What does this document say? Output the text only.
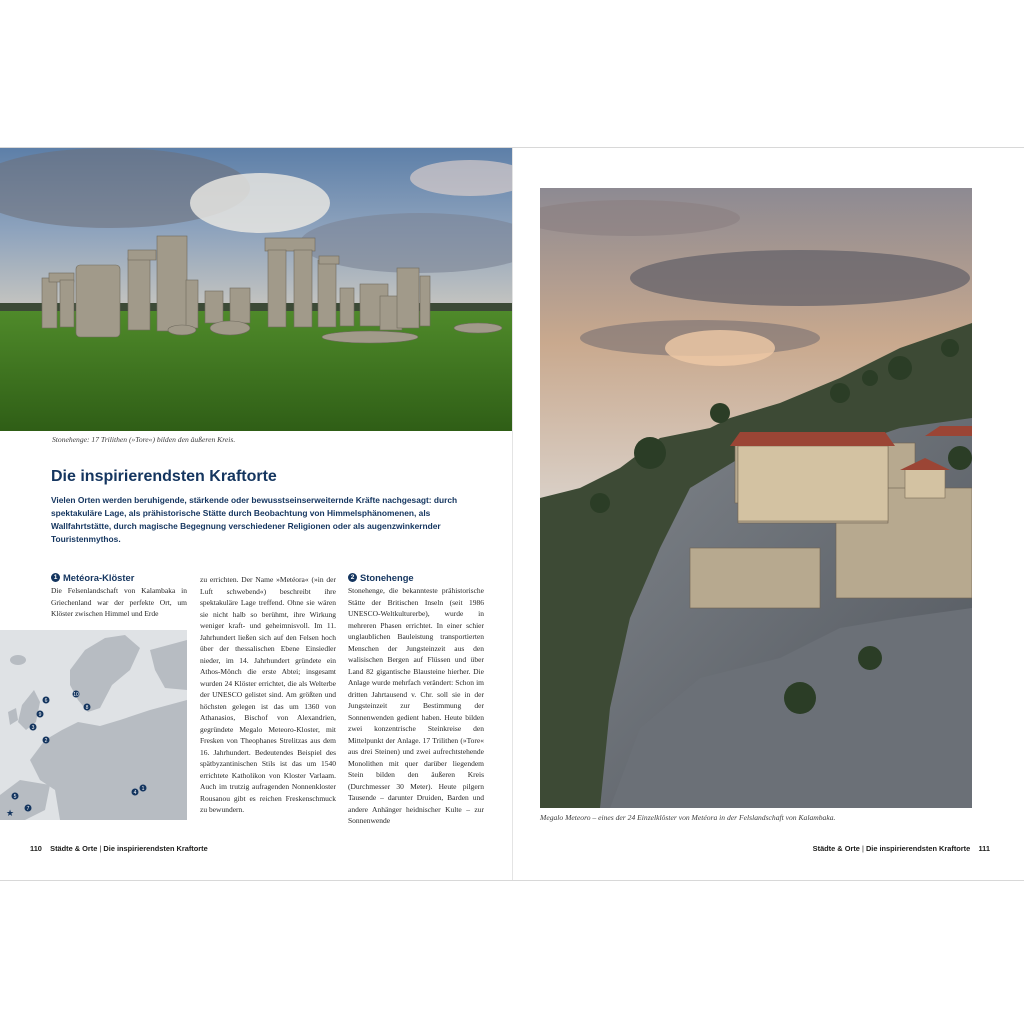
Stonehenge: 17 Trilithen (»Tore«) bilden den äußeren Kreis.
Die inspirierendsten Kraftorte

Vielen Orten werden beruhigende, stärkende oder bewusstseinserweiternde Kräfte nachgesagt: durch spektakuläre Lage, als prähistorische Stätte durch Beobachtung von Himmelsphänomenen, als Wallfahrtstätte, durch magische Begegnung verschiedener Religionen oder als augenzwinkernder Touristenmythos.

1 Metéora-Klöster
Die Felsenlandschaft von Kalambaka in Griechenland war der perfekte Ort, um Klöster zwischen Himmel und Erde
1
2
3
4
5
6
7
8
9
10
★
zu errichten. Der Name »Metéora« (»in der Luft schwebend«) beschreibt ihre spektakuläre Lage treffend. Ohne sie wären sie nicht halb so berühmt, ihre Wirkung weniger kraft- und geheimnisvoll. Im 11. Jahrhundert ließen sich auf den Felsen hoch über der thessalischen Ebene Einsiedler nieder, im 14. Jahrhundert gründete ein Athos-Mönch die erste Abtei; insgesamt wurden 24 Klöster errichtet, die als Welterbe der UNESCO gelistet sind. Am größten und höchsten gelegen ist das um 1360 von Athanasios, Bischof von Alexandrien, gegründete Megalo Meteoro-Kloster, mit Fresken von Theophanes Strelitzas aus dem 16. Jahrhundert. Bedeutendes Beispiel des spätbyzantinischen Stils ist das um 1540 errichtete Katholikon von Kloster Varlaam. Auch im trutzig aufragenden Nonnenkloster Rousanou gibt es reichen Freskenschmuck zu bewundern.
2 Stonehenge
Stonehenge, die bekannteste prähistorische Stätte der Britischen Inseln (seit 1986 UNESCO-Weltkulturerbe), wurde in mehreren Phasen errichtet. In einer schier unglaublichen Bauleistung transportierten Menschen der Jungsteinzeit aus den walisischen Bergen auf Flüssen und über Land 82 gigantische Blausteine hierher. Die Anlage wurde mehrfach verändert: Schon im dritten Jahrtausend v. Chr. soll sie in der Jungsteinzeit zur Bestimmung der Sonnenwenden gedient haben. Heute bilden zwei konzentrische Steinkreise den Mittelpunkt der Anlage. 17 Trilithen (»Tore« aus drei Steinen) und zwei aufrechtstehende Monolithen mit quer darüber liegendem Stein bilden den äußeren Kreis (Durchmesser 30 Meter). Heute pilgern Tausende – darunter Druiden, Barden und andere Anhänger heidnischer Kulte – zur Sonnenwende
110 Städte & Orte | Die inspirierendsten Kraftorte
Megalo Meteoro – eines der 24 Einzelklöster von Metéora in der Felslandschaft von Kalambaka.
Städte & Orte | Die inspirierendsten Kraftorte 111
